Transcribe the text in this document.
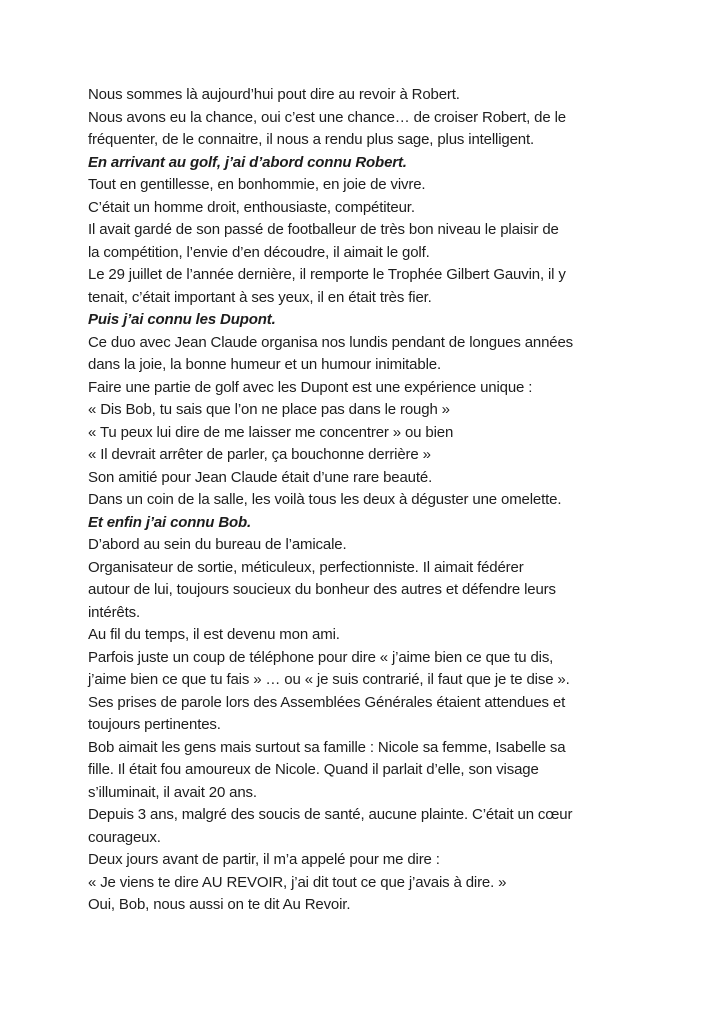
Nous sommes là aujourd’hui pout dire au revoir à Robert.
Nous avons eu la chance, oui c’est une chance… de croiser Robert, de le
fréquenter, de le connaitre, il nous a rendu plus sage, plus intelligent.
En arrivant au golf, j’ai d’abord connu Robert.
Tout en gentillesse, en bonhommie, en joie de vivre.
C’était un homme droit, enthousiaste, compétiteur.
Il avait gardé de son passé de footballeur de très bon niveau le plaisir de
la compétition, l’envie d’en découdre, il aimait le golf.
Le 29 juillet de l’année dernière, il remporte le Trophée Gilbert Gauvin, il y
tenait, c’était important à ses yeux, il en était très fier.
Puis j’ai connu les Dupont.
Ce duo avec Jean Claude organisa nos lundis pendant de longues années
dans la joie, la bonne humeur et un humour inimitable.
Faire une partie de golf avec les Dupont est une expérience unique :
« Dis Bob, tu sais que l’on ne place pas dans le rough »
« Tu peux lui dire de me laisser me concentrer » ou bien
« Il devrait arrêter de parler, ça bouchonne derrière »
Son amitié pour Jean Claude était d’une rare beauté.
Dans un coin de la salle, les voilà tous les deux à déguster une omelette.
Et enfin j’ai connu Bob.
D’abord au sein du bureau de l’amicale.
Organisateur de sortie, méticuleux, perfectionniste. Il aimait fédérer
autour de lui, toujours soucieux du bonheur des autres et défendre leurs
intérêts.
Au fil du temps, il est devenu mon ami.
Parfois juste un coup de téléphone pour dire « j’aime bien ce que tu dis,
j’aime bien ce que tu fais » … ou « je suis contrarié, il faut que je te dise ».
Ses prises de parole lors des Assemblées Générales étaient attendues et
toujours pertinentes.
Bob aimait les gens mais surtout sa famille : Nicole sa femme, Isabelle sa
fille. Il était fou amoureux de Nicole. Quand il parlait d’elle, son visage
s’illuminait, il avait 20 ans.
Depuis 3 ans, malgré des soucis de santé, aucune plainte. C’était un cœur
courageux.
Deux jours avant de partir, il m’a appelé pour me dire :
« Je viens te dire AU REVOIR, j’ai dit tout ce que j’avais à dire. »
Oui, Bob, nous aussi on te dit Au Revoir.
